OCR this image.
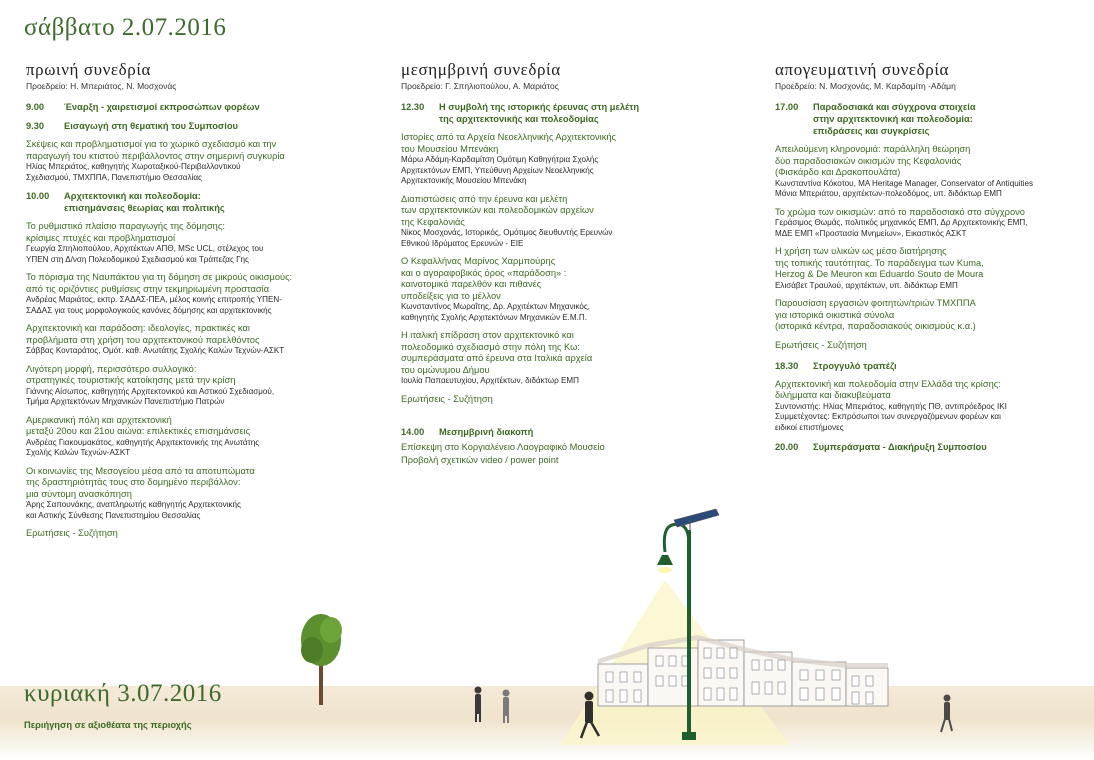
σάββατο 2.07.2016
κυριακή 3.07.2016
Περιήγηση σε αξιοθέατα της περιοχής
πρωινή συνεδρία
Προεδρείο: Η. Μπεριάτος, Ν. Μοσχονάς
9.00	Έναρξη - χαιρετισμοί εκπροσώπων φορέων
9.30	Εισαγωγή στη θεματική του Συμποσίου
Σκέψεις και προβληματισμοί για το χωρικό σχεδιασμό και την
παραγωγή του κτιστού περιβάλλοντος στην σημερινή συγκυρία
Ηλίας Μπεριάτος, καθηγητής Χωροταξικού-Περιβαλλοντικού
Σχεδιασμού, ΤΜΧΠΠΑ, Πανεπιστήμιο Θεσσαλίας
10.00	Αρχιτεκτονική και πολεοδομία:
επισημάνσεις θεωρίας και πολιτικής
Το ρυθμιστικό πλαίσιο παραγωγής της δόμησης:
κρίσιμες πτυχές και προβληματισμοί
Γεωργία Σπηλιοπούλου, Αρχιτέκτων ΑΠΘ, MSc UCL, στέλεχος του
ΥΠΕΝ στη Δ/νση Πολεοδομικού Σχεδιασμού και Τράπεζας Γης
Το πόρισμα της Ναυπάκτου για τη δόμηση σε μικρούς οικισμούς:
από τις οριζόντιες ρυθμίσεις στην τεκμηριωμένη προστασία
Ανδρέας Μαριάτος, εκπρ. ΣΑΔΑΣ-ΠΕΑ, μέλος κοινής επιτροπής ΥΠΕΝ-
ΣΑΔΑΣ για τους μορφολογικούς κανόνες δόμησης και αρχιτεκτονικής
Αρχιτεκτονική και παράδοση: ιδεολογίες, πρακτικές και
προβλήματα στη χρήση του αρχιτεκτονικού παρελθόντος
Σάββας Κονταράτος, Ομότ. καθ. Ανωτάτης Σχολής Καλών Τεχνών-ΑΣΚΤ
Λιγότερη μορφή, περισσότερο συλλογικό:
στρατηγικές τουριστικής κατοίκησης μετά την κρίση
Γιάννης Αίσωπος, καθηγητής Αρχιτεκτονικού και Αστικού Σχεδιασμού,
Τμήμα Αρχιτεκτόνων Μηχανικών Πανεπιστήμιο Πατρών
Αμερικανική πόλη και αρχιτεκτονική
μεταξύ 20ου και 21ου αιώνα: επιλεκτικές επισημάνσεις
Ανδρέας Γιακουμακάτος, καθηγητής Αρχιτεκτονικής της Ανωτάτης
Σχολής Καλών Τεχνών-ΑΣΚΤ
Οι κοινωνίες της Μεσογείου μέσα από τα αποτυπώματα
της δραστηριότητάς τους στο δομημένο περιβάλλον:
μια σύντομη ανασκόπηση
Άρης Σαπουνάκης, αναπληρωτής καθηγητής Αρχιτεκτονικής
και Αστικής Σύνθεσης Πανεπιστημίου Θεσσαλίας
Ερωτήσεις - Συζήτηση
μεσημβρινή συνεδρία
Προεδρείο: Γ. Σπηλιοπούλου, Α. Μαριάτος
12.30	Η συμβολή της ιστορικής έρευνας στη μελέτη
της αρχιτεκτονικής και πολεοδομίας
Ιστορίες από τα Αρχεία Νεοελληνικής Αρχιτεκτονικής
του Μουσείου Μπενάκη
Μάρω Αδάμη-Καρδαμίτση Ομότιμη Καθηγήτρια Σχολής
Αρχιτεκτόνων ΕΜΠ, Υπεύθυνη Αρχείων Νεοελληνικής
Αρχιτεκτονικής Μουσείου Μπενάκη
Διαπιστώσεις από την έρευνα και μελέτη
των αρχιτεκτονικών και πολεοδομικών αρχείων
της Κεφαλονιάς
Νίκος Μοσχονάς, Ιστορικός, Ομότιμος διευθυντής Ερευνών
Εθνικού Ιδρύματος Ερευνών - ΕΙΕ
Ο Κεφαλλήνας Μαρίνος Χαρμπούρης
και ο αγοραφοβικός όρος «παράδοση» :
καινοτομικό παρελθόν και πιθανές
υποδείξεις για το μέλλον
Κωνσταντίνος Μωραΐτης, Δρ. Αρχιτέκτων Μηχανικός,
καθηγητής Σχολής Αρχιτεκτόνων Μηχανικών Ε.Μ.Π.
Η ιταλική επίδραση στον αρχιτεκτονικό και
πολεοδομικό σχεδιασμό στην πόλη της Κω:
συμπεράσματα από έρευνα στα Ιταλικά αρχεία
του ομώνυμου Δήμου
Ιουλία Παπαευτυχίου, Αρχιτέκτων, διδάκτωρ ΕΜΠ
Ερωτήσεις - Συζήτηση
14.00	Μεσημβρινή διακοπή
Επίσκεψη στο Κοργιαλένειο Λαογραφικό Μουσείο
Προβολή σχετικών video / power point
απογευματινή συνεδρία
Προεδρείο: Ν. Μοσχονάς, Μ. Καρδαμίτη -Αδάμη
17.00	Παραδοσιακά και σύγχρονα στοιχεία
στην αρχιτεκτονική και πολεοδομία:
επιδράσεις και συγκρίσεις
Απειλούμενη κληρονομιά: παράλληλη θεώρηση
δύο παραδοσιακών οικισμών της Κεφαλονιάς
(Φισκάρδο και Δρακοπουλάτα)
Κωνσταντίνα Κόκοτου, MA Heritage Manager, Conservator of Antiquities
Μάνια Μπεριάτου, αρχιτέκτων-πολεοδόμος, υπ. διδάκτωρ ΕΜΠ
Το χρώμα των οικισμών: από το παραδοσιακό στο σύγχρονο
Γεράσιμος Θωμάς, πολιτικός μηχανικός ΕΜΠ, Δρ Αρχιτεκτονικής ΕΜΠ,
ΜΔΕ ΕΜΠ «Προστασία Μνημείων», Εικαστικός ΑΣΚΤ
Η χρήση των υλικών ως μέσο διατήρησης
της τοπικής ταυτότητας. Το παράδειγμα των Kuma,
Herzog & De Meuron και Eduardo Souto de Moura
Ελισάβετ Τραυλού, αρχιτέκτων, υπ. διδάκτωρ ΕΜΠ
Παρουσίαση εργασιών φοιτητών/τριών ΤΜΧΠΠΑ
για ιστορικά οικιστικά σύνολα
(ιστορικά κέντρα, παραδοσιακούς οικισμούς κ.α.)
Ερωτήσεις - Συζήτηση
18.30	Στρογγυλό τραπέζι
Αρχιτεκτονική και πολεοδομία στην Ελλάδα της κρίσης:
διλήμματα και διακυβεύματα
Συντονιστής: Ηλίας Μπεριάτος, καθηγητής ΠΘ, αντιπρόεδρος ΙΚΙ
Συμμετέχοντες: Εκπρόσωποι των συνεργαζόμενων φορέων και
ειδικοί επιστήμονες
20.00	Συμπεράσματα - Διακήρυξη Συμποσίου
